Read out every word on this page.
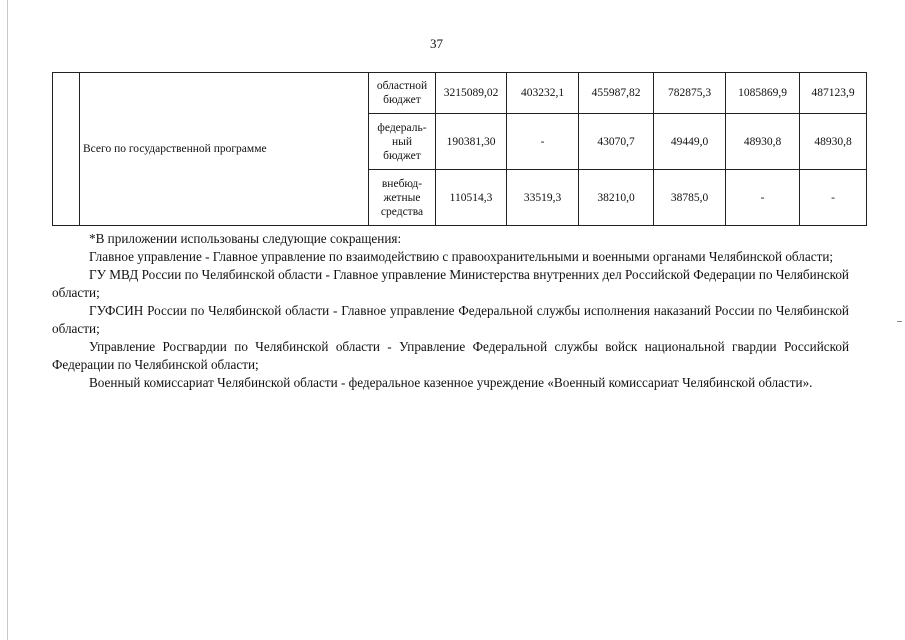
37
	Всего по государственной программе	областной бюджет	3215089,02	403232,1	455987,82	782875,3	1085869,9	487123,9
		федераль-ный бюджет	190381,30	-	43070,7	49449,0	48930,8	48930,8
		внебюд-жетные средства	110514,3	33519,3	38210,0	38785,0	-	-

*В приложении использованы следующие сокращения:

Главное управление - Главное управление по взаимодействию с правоохранительными и военными органами Челябинской области;

ГУ МВД России по Челябинской области - Главное управление Министерства внутренних дел Российской Федерации по Челябинской области;

ГУФСИН России по Челябинской области - Главное управление Федеральной службы исполнения наказаний России по Челябинской области;

Управление Росгвардии по Челябинской области - Управление Федеральной службы войск национальной гвардии Российской Федерации по Челябинской области;

Военный комиссариат Челябинской области - федеральное казенное учреждение «Военный комиссариат Челябинской области».
